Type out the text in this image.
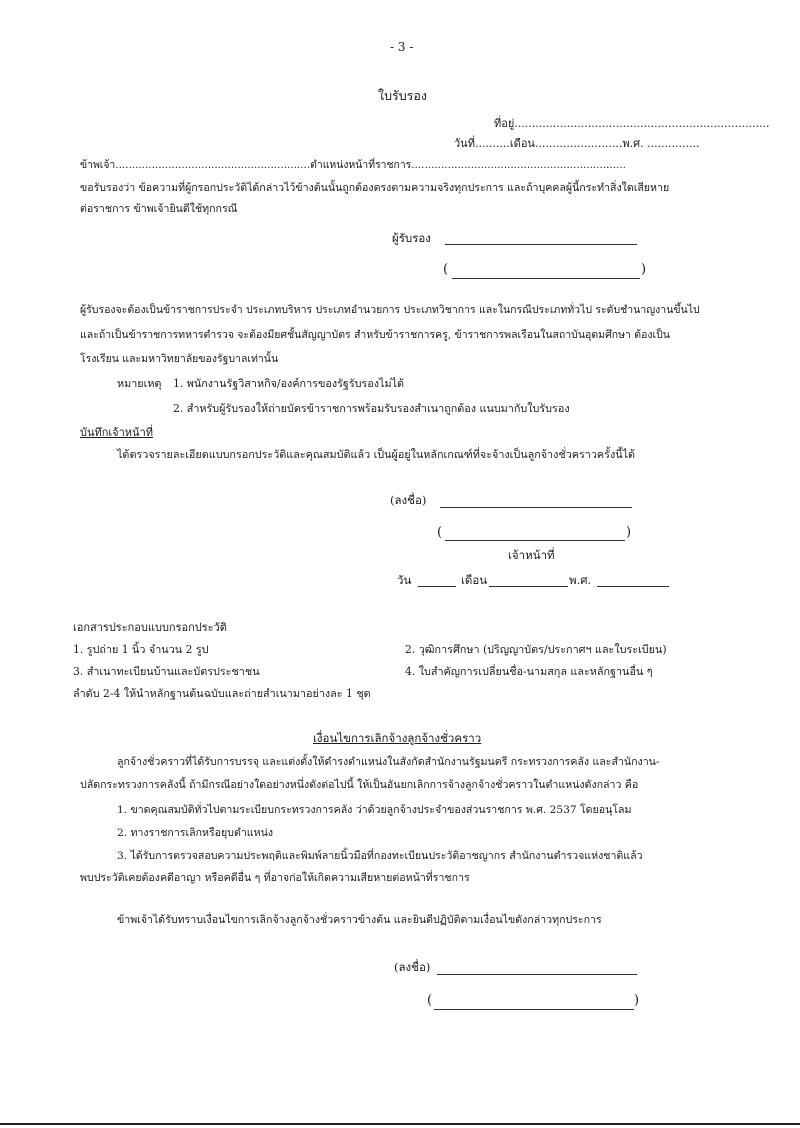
- 3 -
ใบรับรอง
ที่อยู่.........................................................................
วันที่..........เดือน.........................พ.ศ. ...............
ข้าพเจ้า...........................................................ตำแหน่งหน้าที่ราชการ.................................................................
ขอรับรองว่า ข้อความที่ผู้กรอกประวัติได้กล่าวไว้ข้างต้นนั้นถูกต้องตรงตามความจริงทุกประการ และถ้าบุคคลผู้นี้กระทำสิ่งใดเสียหาย
ต่อราชการ ข้าพเจ้ายินดีใช้ทุกกรณี
ผู้รับรอง
(	)
ผู้รับรองจะต้องเป็นข้าราชการประจำ ประเภทบริหาร ประเภทอำนวยการ ประเภทวิชาการ และในกรณีประเภททั่วไป ระดับชำนาญงานขึ้นไป
และถ้าเป็นข้าราชการทหารตำรวจ จะต้องมียศชั้นสัญญาบัตร สำหรับข้าราชการครู, ข้าราชการพลเรือนในสถาบันอุดมศึกษา ต้องเป็น
โรงเรียน และมหาวิทยาลัยของรัฐบาลเท่านั้น
หมายเหตุ 1. พนักงานรัฐวิสาหกิจ/องค์การของรัฐรับรองไม่ได้
2. สำหรับผู้รับรองให้ถ่ายบัตรข้าราชการพร้อมรับรองสำเนาถูกต้อง แนบมากับใบรับรอง
บันทึกเจ้าหน้าที่
ได้ตรวจรายละเอียดแบบกรอกประวัติและคุณสมบัติแล้ว เป็นผู้อยู่ในหลักเกณฑ์ที่จะจ้างเป็นลูกจ้างชั่วคราวครั้งนี้ได้
(ลงชื่อ)
(	)
เจ้าหน้าที่
วัน	เดือน	พ.ศ.
เอกสารประกอบแบบกรอกประวัติ
1. รูปถ่าย 1 นิ้ว จำนวน 2 รูป	2. วุฒิการศึกษา (ปริญญาบัตร/ประกาศฯ และใบระเบียน)
3. สำเนาทะเบียนบ้านและบัตรประชาชน	4. ใบสำคัญการเปลี่ยนชื่อ-นามสกุล และหลักฐานอื่น ๆ
ลำดับ 2-4 ให้นำหลักฐานต้นฉบับและถ่ายสำเนามาอย่างละ 1 ชุด
เงื่อนไขการเลิกจ้างลูกจ้างชั่วคราว
ลูกจ้างชั่วคราวที่ได้รับการบรรจุ และแต่งตั้งให้ดำรงตำแหน่งในสังกัดสำนักงานรัฐมนตรี กระทรวงการคลัง และสำนักงาน-
ปลัดกระทรวงการคลังนี้ ถ้ามีกรณีอย่างใดอย่างหนึ่งดังต่อไปนี้ ให้เป็นอันยกเลิกการจ้างลูกจ้างชั่วคราวในตำแหน่งดังกล่าว คือ
1. ขาดคุณสมบัติทั่วไปตามระเบียบกระทรวงการคลัง ว่าด้วยลูกจ้างประจำของส่วนราชการ พ.ศ. 2537 โดยอนุโลม
2. ทางราชการเลิกหรือยุบตำแหน่ง
3. ได้รับการตรวจสอบความประพฤติและพิมพ์ลายนิ้วมือที่กองทะเบียนประวัติอาชญากร สำนักงานตำรวจแห่งชาติแล้ว
พบประวัติเคยต้องคดีอาญา หรือคดีอื่น ๆ ที่อาจก่อให้เกิดความเสียหายต่อหน้าที่ราชการ
ข้าพเจ้าได้รับทราบเงื่อนไขการเลิกจ้างลูกจ้างชั่วคราวข้างต้น และยินดีปฏิบัติตามเงื่อนไขดังกล่าวทุกประการ
(ลงชื่อ)
(	)
